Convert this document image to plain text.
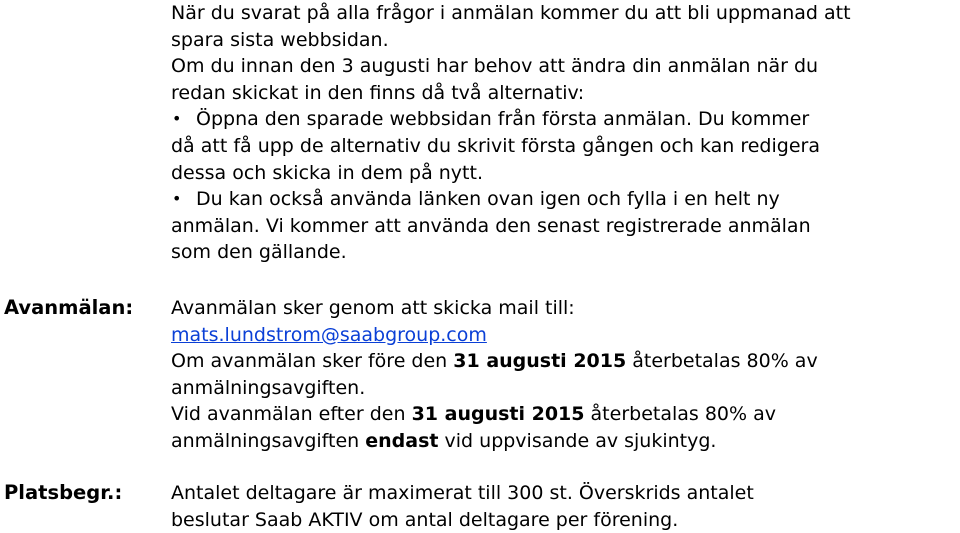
När du svarat på alla frågor i anmälan kommer du att bli uppmanad att
spara sista webbsidan.
Om du innan den 3 augusti har behov att ändra din anmälan när du
redan skickat in den finns då två alternativ:
• Öppna den sparade webbsidan från första anmälan. Du kommer
då att få upp de alternativ du skrivit första gången och kan redigera
dessa och skicka in dem på nytt.
• Du kan också använda länken ovan igen och fylla i en helt ny
anmälan. Vi kommer att använda den senast registrerade anmälan
som den gällande.
Avanmälan: Avanmälan sker genom att skicka mail till:
mats.lundstrom@saabgroup.com
Om avanmälan sker före den 31 augusti 2015 återbetalas 80% av
anmälningsavgiften.
Vid avanmälan efter den 31 augusti 2015 återbetalas 80% av
anmälningsavgiften endast vid uppvisande av sjukintyg.
Platsbegr.:	Antalet deltagare är maximerat till 300 st. Överskrids antalet
beslutar Saab AKTIV om antal deltagare per förening.
